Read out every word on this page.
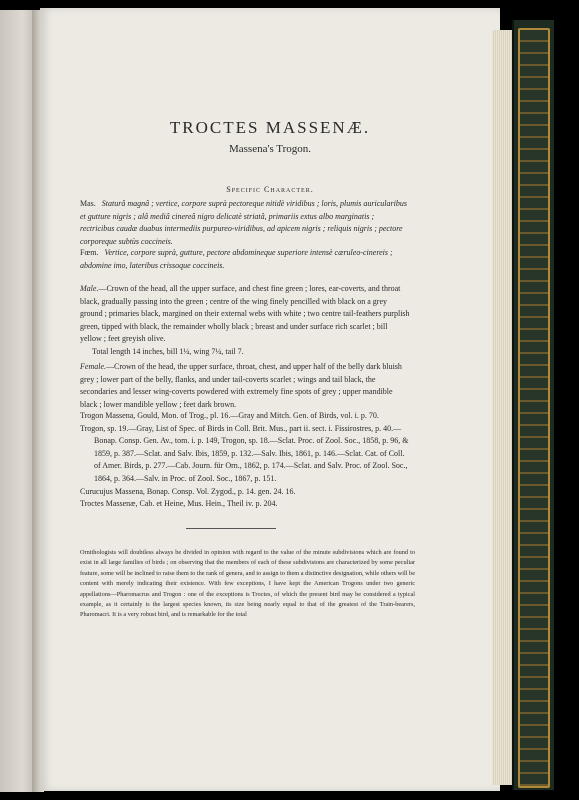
TROCTES MASSENÆ.
Massena's Trogon.
Specific Character.
Mas. Staturâ magnâ ; vertice, corpore suprà pectoreque nitidè viridibus ; loris, plumis auricularibus et gutture nigris ; alâ mediâ cinereâ nigro delicatè striatâ, primariis extus albo marginatis ; rectricibus caudæ duabus intermediis purpureo-viridibus, ad apicem nigris ; reliquis nigris ; pectore corporeque subtùs coccineis.
Fœm. Vertice, corpore suprà, gutture, pectore abdomineque superiore intensè cæruleo-cinereis ; abdomine imo, lateribus crissoque coccineis.
Male.—Crown of the head, all the upper surface, and chest fine green ; lores, ear-coverts, and throat black, gradually passing into the green ; centre of the wing finely pencilled with black on a grey ground ; primaries black, margined on their external webs with white ; two centre tail-feathers purplish green, tipped with black, the remainder wholly black ; breast and under surface rich scarlet ; bill yellow ; feet greyish olive.
Total length 14 inches, bill 1¼, wing 7¼, tail 7.
Female.—Crown of the head, the upper surface, throat, chest, and upper half of the belly dark bluish grey ; lower part of the belly, flanks, and under tail-coverts scarlet ; wings and tail black, the secondaries and lesser wing-coverts powdered with extremely fine spots of grey ; upper mandible black ; lower mandible yellow ; feet dark brown.

Trogon Massena, Gould, Mon. of Trog., pl. 16.—Gray and Mitch. Gen. of Birds, vol. i. p. 70.

Trogon, sp. 19.—Gray, List of Spec. of Birds in Coll. Brit. Mus., part ii. sect. i. Fissirostres, p. 40.—Bonap. Consp. Gen. Av., tom. i. p. 149, Trogon, sp. 18.—Sclat. Proc. of Zool. Soc., 1858, p. 96, & 1859, p. 387.—Sclat. and Salv. Ibis, 1859, p. 132.—Salv. Ibis, 1861, p. 146.—Sclat. Cat. of Coll. of Amer. Birds, p. 277.—Cab. Journ. für Orn., 1862, p. 174.—Sclat. and Salv. Proc. of Zool. Soc., 1864, p. 364.—Salv. in Proc. of Zool. Soc., 1867, p. 151.

Curucujus Massena, Bonap. Consp. Vol. Zygod., p. 14. gen. 24. 16.

Troctes Massenæ, Cab. et Heine, Mus. Hein., Theil iv. p. 204.

Ornithologists will doubtless always be divided in opinion with regard to the value of the minute subdivisions which are found to exist in all large families of birds ; on observing that the members of each of these subdivisions are characterized by some peculiar feature, some will be inclined to raise them to the rank of genera, and to assign to them a distinctive designation, while others will be content with merely indicating their existence. With few exceptions, I have kept the American Trogons under two generic appellations—Pharomacrus and Trogon : one of the exceptions is Troctes, of which the present bird may be considered a typical example, as it certainly is the largest species known, its size being nearly equal to that of the greatest of the Train-bearers, Pharomacri. It is a very robust bird, and is remarkable for the total
